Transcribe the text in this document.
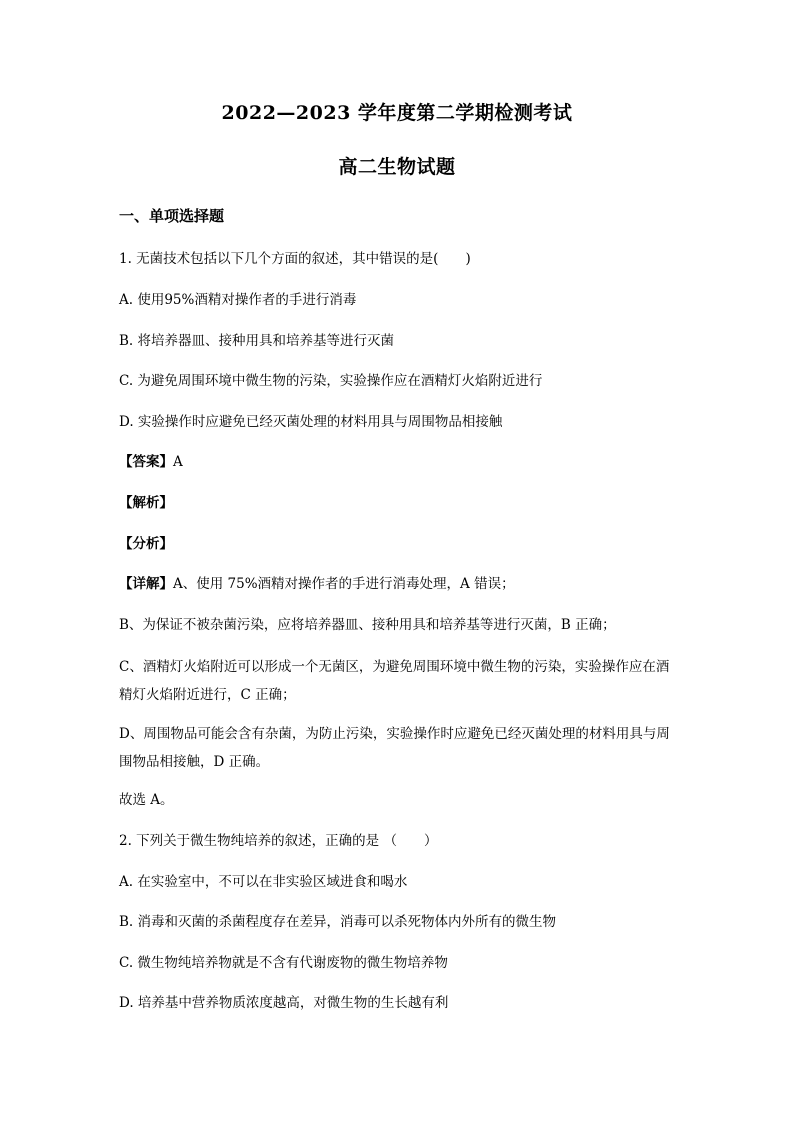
2022—2023 学年度第二学期检测考试
高二生物试题
一、单项选择题
1. 无菌技术包括以下几个方面的叙述，其中错误的是(　　)
A. 使用95%酒精对操作者的手进行消毒
B. 将培养器皿、接种用具和培养基等进行灭菌
C. 为避免周围环境中微生物的污染，实验操作应在酒精灯火焰附近进行
D. 实验操作时应避免已经灭菌处理的材料用具与周围物品相接触
【答案】A
【解析】
【分析】
【详解】A、使用 75%酒精对操作者的手进行消毒处理，A 错误；
B、为保证不被杂菌污染，应将培养器皿、接种用具和培养基等进行灭菌，B 正确；
C、酒精灯火焰附近可以形成一个无菌区，为避免周围环境中微生物的污染，实验操作应在酒精灯火焰附近进行，C 正确；
D、周围物品可能会含有杂菌，为防止污染，实验操作时应避免已经灭菌处理的材料用具与周围物品相接触，D 正确。
故选 A。
2. 下列关于微生物纯培养的叙述，正确的是 （　　）
A. 在实验室中，不可以在非实验区域进食和喝水
B. 消毒和灭菌的杀菌程度存在差异，消毒可以杀死物体内外所有的微生物
C. 微生物纯培养物就是不含有代谢废物的微生物培养物
D. 培养基中营养物质浓度越高，对微生物的生长越有利
